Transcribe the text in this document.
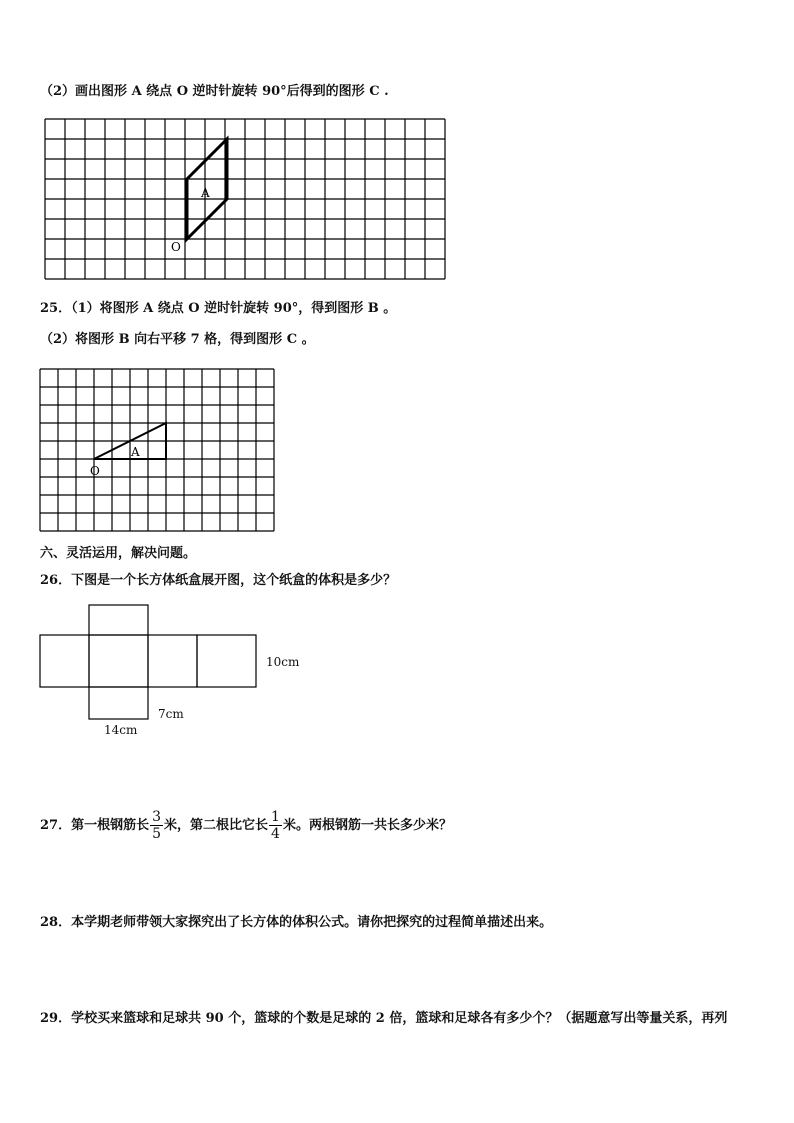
（2）画出图形 A 绕点 O 逆时针旋转 90°后得到的图形 C .
A
O
25．（1）将图形 A 绕点 O 逆时针旋转 90°，得到图形 B 。
（2）将图形 B 向右平移 7 格，得到图形 C 。
A
O
六、灵活运用，解决问题。
26．下图是一个长方体纸盒展开图，这个纸盒的体积是多少？
10cm
7cm
14cm
27．第一根钢筋长 $\frac{3}{5}$ 米，第二根比它长 $\frac{1}{4}$ 米。两根钢筋一共长多少米？
28．本学期老师带领大家探究出了长方体的体积公式。请你把探究的过程简单描述出来。
29．学校买来篮球和足球共 90 个，篮球的个数是足球的 2 倍，篮球和足球各有多少个？（据题意写出等量关系，再列
